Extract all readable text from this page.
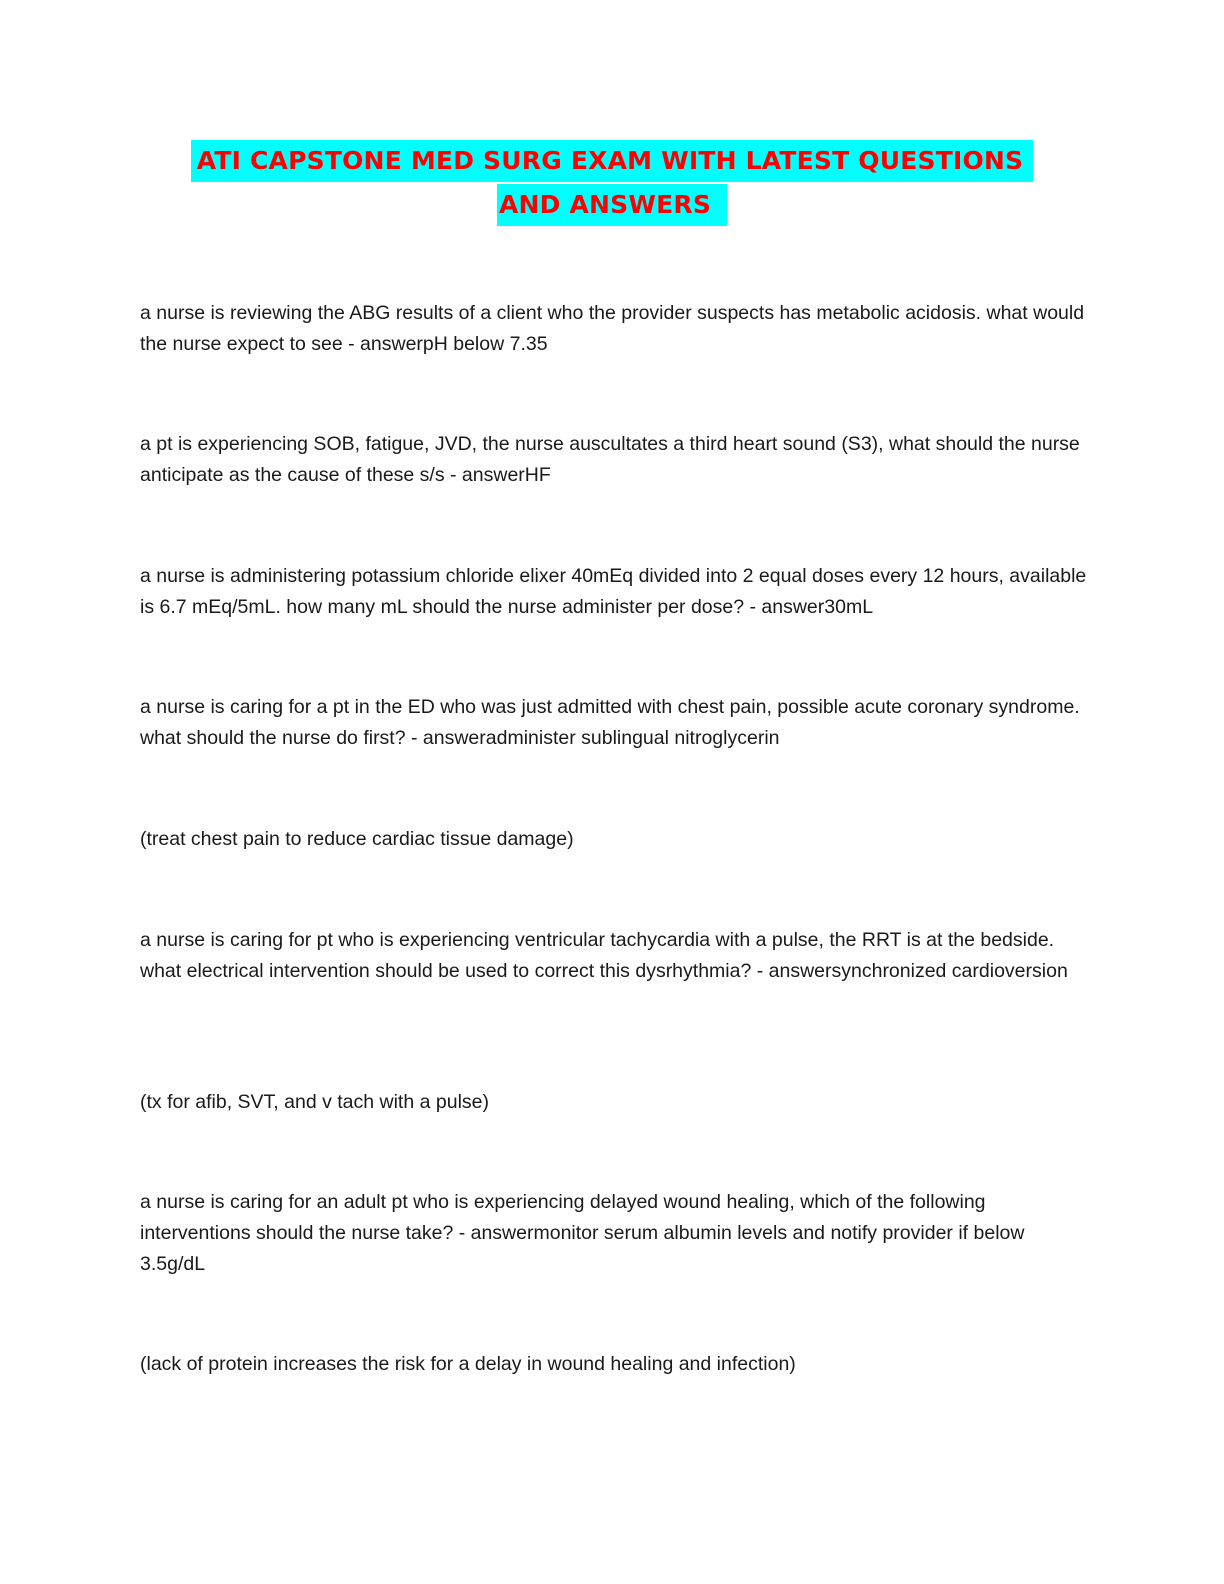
ATI CAPSTONE MED SURG EXAM WITH LATEST QUESTIONS
AND ANSWERS

a nurse is reviewing the ABG results of a client who the provider suspects has metabolic acidosis. what would the nurse expect to see - answerpH below 7.35

a pt is experiencing SOB, fatigue, JVD, the nurse auscultates a third heart sound (S3), what should the nurse anticipate as the cause of these s/s - answerHF

a nurse is administering potassium chloride elixer 40mEq divided into 2 equal doses every 12 hours, available is 6.7 mEq/5mL. how many mL should the nurse administer per dose? - answer30mL

a nurse is caring for a pt in the ED who was just admitted with chest pain, possible acute coronary syndrome. what should the nurse do first? - answeradminister sublingual nitroglycerin

(treat chest pain to reduce cardiac tissue damage)

a nurse is caring for pt who is experiencing ventricular tachycardia with a pulse, the RRT is at the bedside. what electrical intervention should be used to correct this dysrhythmia? - answersynchronized cardioversion

(tx for afib, SVT, and v tach with a pulse)

a nurse is caring for an adult pt who is experiencing delayed wound healing, which of the following interventions should the nurse take? - answermonitor serum albumin levels and notify provider if below 3.5g/dL

(lack of protein increases the risk for a delay in wound healing and infection)
